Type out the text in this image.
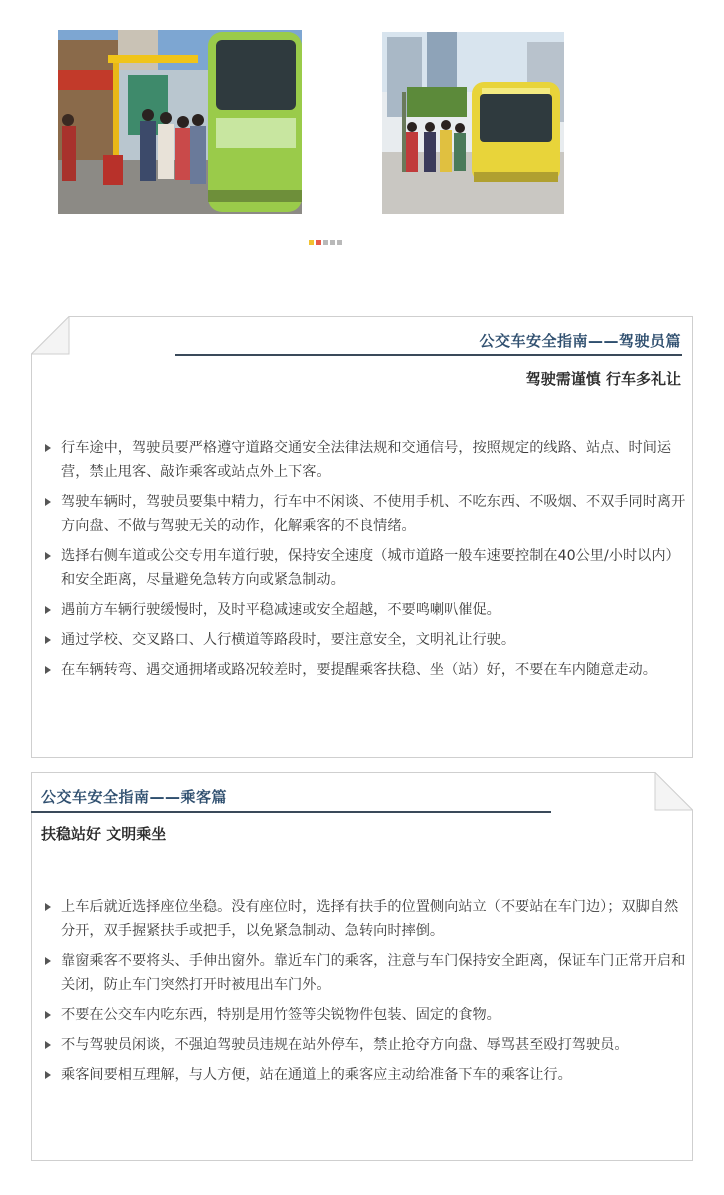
公交车安全指南——驾驶员篇
驾驶需谨慎 行车多礼让
行车途中，驾驶员要严格遵守道路交通安全法律法规和交通信号，按照规定的线路、站点、时间运营，禁止甩客、敲诈乘客或站点外上下客。
驾驶车辆时，驾驶员要集中精力，行车中不闲谈、不使用手机、不吃东西、不吸烟、不双手同时离开方向盘、不做与驾驶无关的动作，化解乘客的不良情绪。
选择右侧车道或公交专用车道行驶，保持安全速度（城市道路一般车速要控制在40公里/小时以内）和安全距离，尽量避免急转方向或紧急制动。
遇前方车辆行驶缓慢时，及时平稳减速或安全超越，不要鸣喇叭催促。
通过学校、交叉路口、人行横道等路段时，要注意安全，文明礼让行驶。
在车辆转弯、遇交通拥堵或路况较差时，要提醒乘客扶稳、坐（站）好，不要在车内随意走动。
公交车安全指南——乘客篇
扶稳站好 文明乘坐
上车后就近选择座位坐稳。没有座位时，选择有扶手的位置侧向站立（不要站在车门边）；双脚自然分开，双手握紧扶手或把手，以免紧急制动、急转向时摔倒。
靠窗乘客不要将头、手伸出窗外。靠近车门的乘客，注意与车门保持安全距离，保证车门正常开启和关闭，防止车门突然打开时被甩出车门外。
不要在公交车内吃东西，特别是用竹签等尖锐物件包装、固定的食物。
不与驾驶员闲谈，不强迫驾驶员违规在站外停车，禁止抢夺方向盘、辱骂甚至殴打驾驶员。
乘客间要相互理解，与人方便，站在通道上的乘客应主动给准备下车的乘客让行。
